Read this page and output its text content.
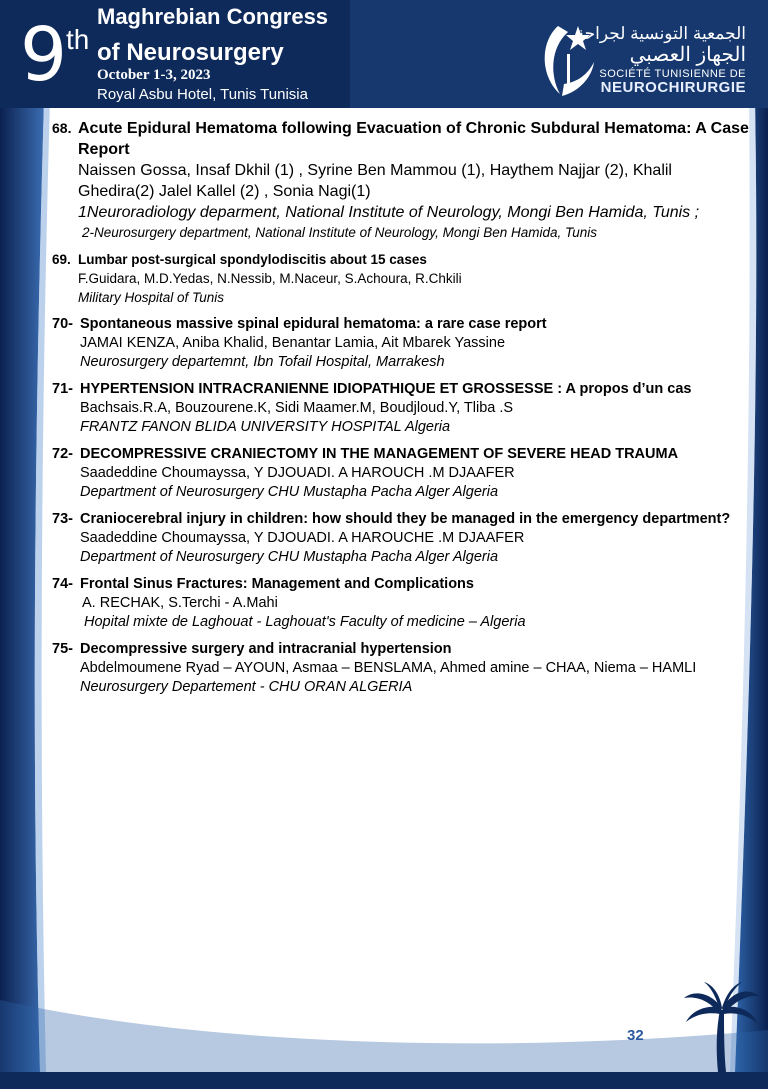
9
th
Maghrebian Congress
of Neurosurgery
October 1-3, 2023
Royal Asbu Hotel, Tunis Tunisia
الجمعية التونسية لجراحة
الجهاز العصبي
SOCIÉTÉ TUNISIENNE DE
NEUROCHIRURGIE
68. Acute Epidural Hematoma following Evacuation of Chronic Subdural Hematoma: A Case Report
Naissen Gossa, Insaf Dkhil (1) , Syrine Ben Mammou (1), Haythem Najjar (2), Khalil Ghedira(2) Jalel Kallel (2) , Sonia Nagi(1)
1Neuroradiology deparment, National Institute of Neurology, Mongi Ben Hamida, Tunis ;
2-Neurosurgery department, National Institute of Neurology, Mongi Ben Hamida, Tunis
69. Lumbar post-surgical spondylodiscitis about 15 cases
F.Guidara, M.D.Yedas, N.Nessib, M.Naceur, S.Achoura, R.Chkili
Military Hospital of Tunis
70- Spontaneous massive spinal epidural hematoma: a rare case report
JAMAI KENZA, Aniba Khalid, Benantar Lamia, Ait Mbarek Yassine
Neurosurgery departemnt, Ibn Tofail Hospital, Marrakesh
71- HYPERTENSION INTRACRANIENNE IDIOPATHIQUE ET GROSSESSE : A propos d’un cas
Bachsais.R.A, Bouzourene.K, Sidi Maamer.M, Boudjloud.Y, Tliba .S
FRANTZ FANON BLIDA UNIVERSITY HOSPITAL Algeria
72- DECOMPRESSIVE CRANIECTOMY IN THE MANAGEMENT OF SEVERE HEAD TRAUMA
Saadeddine Choumayssa, Y DJOUADI. A HAROUCH .M DJAAFER
Department of Neurosurgery CHU Mustapha Pacha Alger Algeria
73- Craniocerebral injury in children: how should they be managed in the emergency department?
Saadeddine Choumayssa, Y DJOUADI. A HAROUCHE .M DJAAFER
Department of Neurosurgery CHU Mustapha Pacha Alger Algeria
74- Frontal Sinus Fractures: Management and Complications
A. RECHAK, S.Terchi - A.Mahi
Hopital mixte de Laghouat - Laghouat's Faculty of medicine – Algeria
75- Decompressive surgery and intracranial hypertension
Abdelmoumene Ryad – AYOUN, Asmaa – BENSLAMA, Ahmed amine – CHAA, Niema – HAMLI
Neurosurgery Departement - CHU ORAN ALGERIA
32
